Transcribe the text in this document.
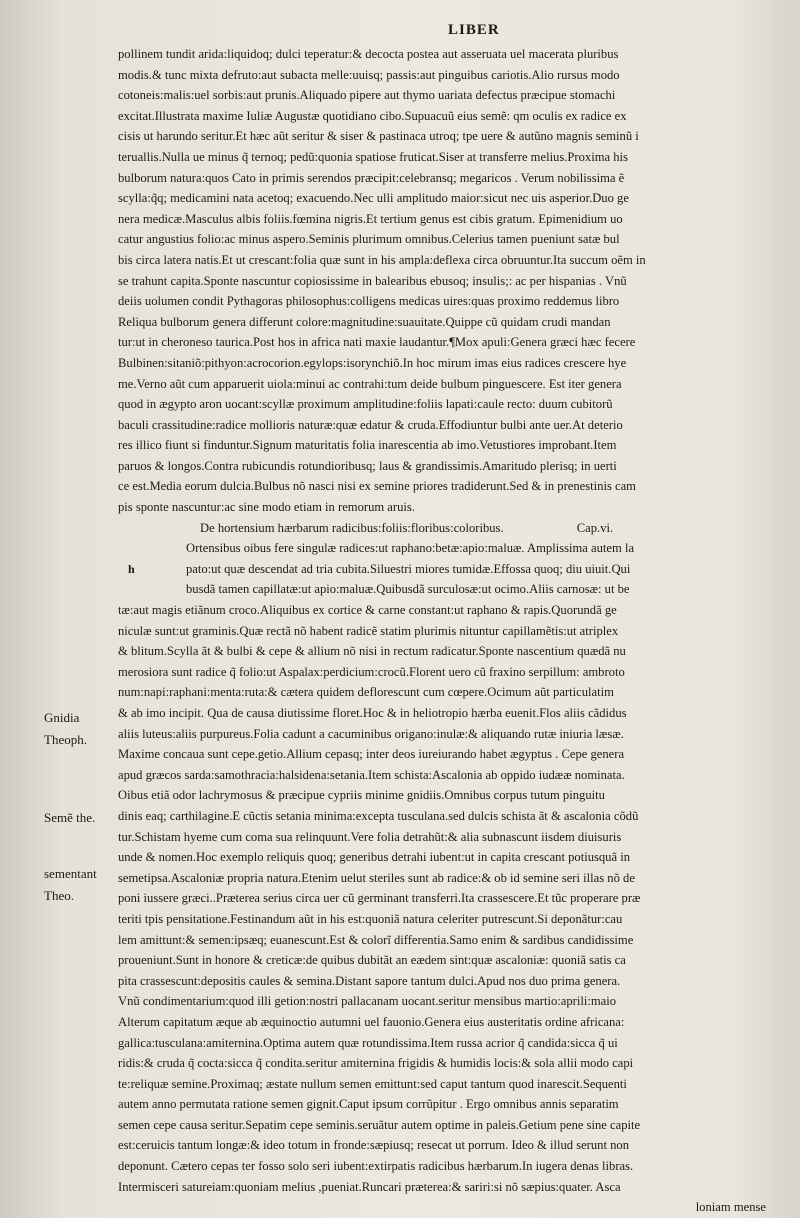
LIBER
Gnidia
Theoph.
Semẽ the.
sementant
Theo.
pollinem tundit arida:liquidoq; dulci teperatur:& decocta postea aut asseruata uel macerata pluribus
modis.& tunc mixta defruto:aut subacta melle:uuisq; passis:aut pinguibus cariotis.Alio rursus modo
cotoneis:malis:uel sorbis:aut prunis.Aliquado pipere aut thymo uariata defectus præcipue stomachi
excitat.Illustrata maxime Iuliæ Augustæ quotidiano cibo.Supuacuũ eius semẽ: qm oculis ex radice ex
cisis ut harundo seritur.Et hæc aũt seritur & siser & pastinaca utroq; tpe uere & autũno magnis seminũ i
teruallis.Nulla ue minus q̃ ternoq; pedũ:quonia spatiose fruticat.Siser at transferre melius.Proxima his
bulborum natura:quos Cato in primis serendos præcipit:celebransq; megaricos . Verum nobilissima ẽ
scylla:q̃q; medicamini nata acetoq; exacuendo.Nec ulli amplitudo maior:sicut nec uis asperior.Duo ge
nera medicæ.Masculus albis foliis.fœmina nigris.Et tertium genus est cibis gratum. Epimenidium uo
catur angustius folio:ac minus aspero.Seminis plurimum omnibus.Celerius tamen pueniunt satæ bul
bis circa latera natis.Et ut crescant:folia quæ sunt in his ampla:deflexa circa obruuntur.Ita succum oẽm in
se trahunt capita.Sponte nascuntur copiosissime in balearibus ebusoq; insulis;: ac per hispanias . Vnũ
deiis uolumen condit Pythagoras philosophus:colligens medicas uires:quas proximo reddemus libro
Reliqua bulborum genera differunt colore:magnitudine:suauitate.Quippe cũ quidam crudi mandan
tur:ut in cheroneso taurica.Post hos in africa nati maxie laudantur.¶Mox apuli:Genera græci hæc fecere
Bulbinen:sitaniõ:pithyon:acrocorion.egylops:isorynchiõ.In hoc mirum imas eius radices crescere hye
me.Verno aũt cum apparuerit uiola:minui ac contrahi:tum deide bulbum pinguescere. Est iter genera
quod in ægypto aron uocant:scyllæ proximum amplitudine:foliis lapati:caule recto: duum cubitorũ
baculi crassitudine:radice mollioris naturæ:quæ edatur & cruda.Effodiuntur bulbi ante uer.At deterio
res illico fiunt si finduntur.Signum maturitatis folia inarescentia ab imo.Vetustiores improbant.Item
paruos & longos.Contra rubicundis rotundioribusq; laus & grandissimis.Amaritudo plerisq; in uerti
ce est.Media eorum dulcia.Bulbus nõ nasci nisi ex semine priores tradiderunt.Sed & in prenestinis cam
pis sponte nascuntur:ac sine modo etiam in remorum aruis.
De hortensium hærbarum radicibus:foliis:floribus:coloribus.	Cap.vi.
Ortensibus oibus fere singulæ radices:ut raphano:betæ:apio:maluæ. Amplissima autem la
h	pato:ut quæ descendat ad tria cubita.Siluestri miores tumidæ.Effossa quoq; diu uiuit.Qui
busdã tamen capillatæ:ut apio:maluæ.Quibusdã surculosæ:ut ocimo.Aliis carnosæ: ut be
tæ:aut magis etiãnum croco.Aliquibus ex cortice & carne constant:ut raphano & rapis.Quorundã ge
niculæ sunt:ut graminis.Quæ rectã nõ habent radicẽ statim plurimis nituntur capillamẽtis:ut atriplex
& blitum.Scylla ãt & bulbi & cepe & allium nõ nisi in rectum radicatur.Sponte nascentium quædã nu
merosiora sunt radice q̃ folio:ut Aspalax:perdicium:crocũ.Florent uero cũ fraxino serpillum: ambroto
num:napi:raphani:menta:ruta:& cætera quidem deflorescunt cum cœpere.Ocimum aũt particulatim
& ab imo incipit. Qua de causa diutissime floret.Hoc & in heliotropio hærba euenit.Flos aliis cãdidus
aliis luteus:aliis purpureus.Folia cadunt a cacuminibus origano:inulæ:& aliquando rutæ iniuria læsæ.
Maxime concaua sunt cepe.getio.Allium cepasq; inter deos iureiurando habet ægyptus . Cepe genera
apud græcos sarda:samothracia:halsidena:setania.Item schista:Ascalonia ab oppido iudææ nominata.
Oibus etiã odor lachrymosus & præcipue cypriis minime gnidiis.Omnibus corpus tutum pinguitu
dinis eaq; carthilagine.E cũctis setania minima:excepta tusculana.sed dulcis schista ãt & ascalonia cõdũ
tur.Schistam hyeme cum coma sua relinquunt.Vere folia detrahũt:& alia subnascunt iisdem diuisuris
unde & nomen.Hoc exemplo reliquis quoq; generibus detrahi iubent:ut in capita crescant potiusquã in
semetipsa.Ascaloniæ propria natura.Etenim uelut steriles sunt ab radice:& ob id semine seri illas nõ de
poni iussere græci..Præterea serius circa uer cũ germinant transferri.Ita crassescere.Et tũc properare præ
teriti tpis pensitatione.Festinandum aũt in his est:quoniã natura celeriter putrescunt.Si deponãtur:cau
lem amittunt:& semen:ipsæq; euanescunt.Est & colorĩ differentia.Samo enim & sardibus candidissime
proueniunt.Sunt in honore & creticæ:de quibus dubitãt an eædem sint:quæ ascaloniæ: quoniã satis ca
pita crassescunt:depositis caules & semina.Distant sapore tantum dulci.Apud nos duo prima genera.
Vnũ condimentarium:quod illi getion:nostri pallacanam uocant.seritur mensibus martio:aprili:maio
Alterum capitatum æque ab æquinoctio autumni uel fauonio.Genera eius austeritatis ordine africana:
gallica:tusculana:amiternina.Optima autem quæ rotundissima.Item russa acrior q̃ candida:sicca q̃ ui
ridis:& cruda q̃ cocta:sicca q̃ condita.seritur amiternina frigidis & humidis locis:& sola allii modo capi
te:reliquæ semine.Proximaq; æstate nullum semen emittunt:sed caput tantum quod inarescit.Sequenti
autem anno permutata ratione semen gignit.Caput ipsum corrũpitur . Ergo omnibus annis separatim
semen cepe causa seritur.Sepatim cepe seminis.seruãtur autem optime in paleis.Getium pene sine capite
est:ceruicis tantum longæ:& ideo totum in fronde:sæpiusq; resecat ut porrum. Ideo & illud serunt non
deponunt. Cætero cepas ter fosso solo seri iubent:extirpatis radicibus hærbarum.In iugera denas libras.
Intermisceri satureiam:quoniam melius ,pueniat.Runcari præterea:& sariri:si nõ sæpius:quater. Asca
loniam mense
